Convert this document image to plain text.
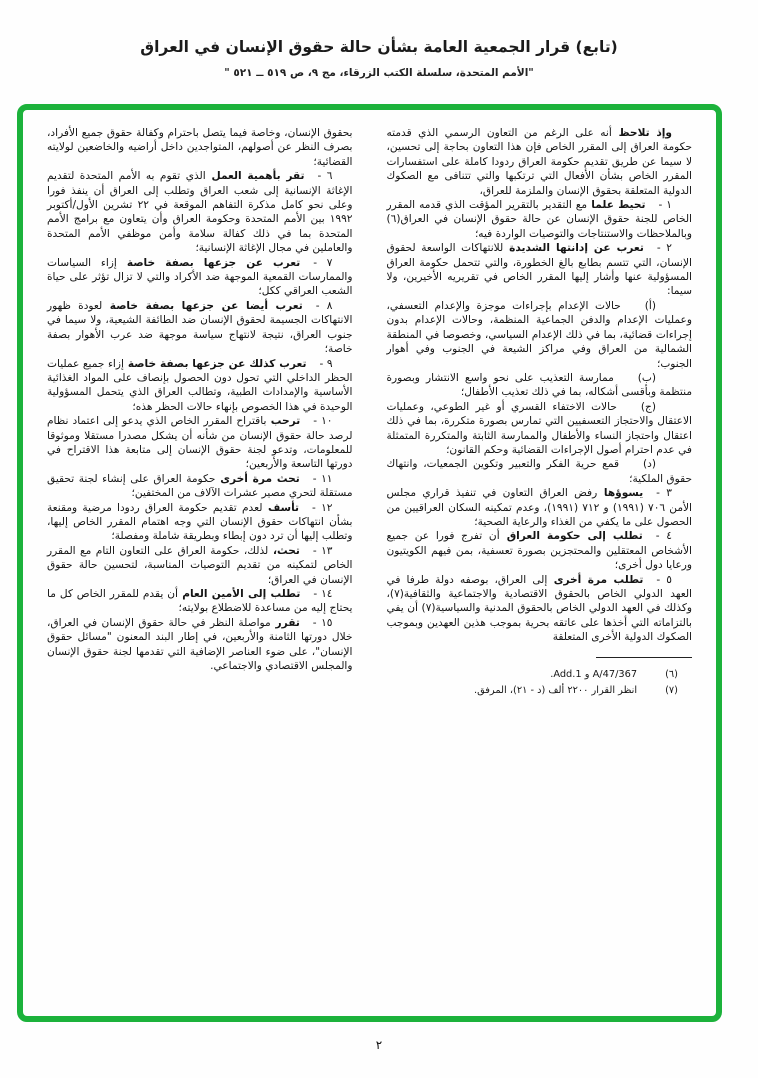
(تابع) قرار الجمعية العامة بشأن حالة حقوق الإنسان في العراق
"الأمم المتحدة، سلسلة الكتب الزرقاء، مج ٩، ص ٥١٩ ــ ٥٢١ "

وإذ تلاحظ أنه على الرغم من التعاون الرسمي الذي قدمته حكومة العراق إلى المقرر الخاص فإن هذا التعاون بحاجة إلى تحسين، لا سيما عن طريق تقديم حكومة العراق ردودا كاملة على استفسارات المقرر الخاص بشأن الأفعال التي ترتكبها والتي تتنافى مع الصكوك الدولية المتعلقة بحقوق الإنسان والملزمة للعراق،

١ -تحيط علما مع التقدير بالتقرير المؤقت الذي قدمه المقرر الخاص للجنة حقوق الإنسان عن حالة حقوق الإنسان في العراق(٦) وبالملاحظات والاستنتاجات والتوصيات الواردة فيه؛

٢ -تعرب عن إدانتها الشديدة للانتهاكات الواسعة لحقوق الإنسان، التي تتسم بطابع بالغ الخطورة، والتي تتحمل حكومة العراق المسؤولية عنها وأشار إليها المقرر الخاص في تقريريه الأخيرين، ولا سيما:

(أ)حالات الإعدام بإجراءات موجزة والإعدام التعسفي، وعمليات الإعدام والدفن الجماعية المنظمة، وحالات الإعدام بدون إجراءات قضائية، بما في ذلك الإعدام السياسي، وخصوصا في المنطقة الشمالية من العراق وفي مراكز الشيعة في الجنوب وفي أهوار الجنوب؛

(ب)ممارسة التعذيب على نحو واسع الانتشار وبصورة منتظمة وبأقسى أشكاله، بما في ذلك تعذيب الأطفال؛

(ج)حالات الاختفاء القسري أو غير الطوعي، وعمليات الاعتقال والاحتجاز التعسفيين التي تمارس بصورة متكررة، بما في ذلك اعتقال واحتجاز النساء والأطفال والممارسة الثابتة والمتكررة المتمثلة في عدم احترام أصول الإجراءات القضائية وحكم القانون؛

(د)قمع حرية الفكر والتعبير وتكوين الجمعيات، وانتهاك حقوق الملكية؛

٣ -يسوؤها رفض العراق التعاون في تنفيذ قراري مجلس الأمن ٧٠٦ (١٩٩١) و ٧١٢ (١٩٩١)، وعدم تمكينه السكان العراقيين من الحصول على ما يكفي من الغذاء والرعاية الصحية؛

٤ -تطلب إلى حكومة العراق أن تفرج فورا عن جميع الأشخاص المعتقلين والمحتجزين بصورة تعسفية، بمن فيهم الكويتيون ورعايا دول أخرى؛

٥ -تطلب مرة أخرى إلى العراق، بوصفه دولة طرفا في العهد الدولي الخاص بالحقوق الاقتصادية والاجتماعية والثقافية(٧)، وكذلك في العهد الدولي الخاص بالحقوق المدنية والسياسية(٧) أن يفي بالتزاماته التي أخذها على عاتقه بحرية بموجب هذين العهدين وبموجب الصكوك الدولية الأخرى المتعلقة

(٦)A/47/367 و Add.1.
(٧)انظر القرار ٢٢٠٠ ألف (د - ٢١)، المرفق.

بحقوق الإنسان، وخاصة فيما يتصل باحترام وكفالة حقوق جميع الأفراد، بصرف النظر عن أصولهم، المتواجدين داخل أراضيه والخاضعين لولايته القضائية؛

٦ -تقر بأهمية العمل الذي تقوم به الأمم المتحدة لتقديم الإغاثة الإنسانية إلى شعب العراق وتطلب إلى العراق أن ينفذ فورا وعلى نحو كامل مذكرة التفاهم الموقعة في ٢٢ تشرين الأول/أكتوبر ١٩٩٢ بين الأمم المتحدة وحكومة العراق وأن يتعاون مع برامج الأمم المتحدة بما في ذلك كفالة سلامة وأمن موظفي الأمم المتحدة والعاملين في مجال الإغاثة الإنسانية؛

٧ -تعرب عن جزعها بصفة خاصة إزاء السياسات والممارسات القمعية الموجهة ضد الأكراد والتي لا تزال تؤثر على حياة الشعب العراقي ككل؛

٨ -تعرب أيضا عن جزعها بصفة خاصة لعودة ظهور الانتهاكات الجسيمة لحقوق الإنسان ضد الطائفة الشيعية، ولا سيما في جنوب العراق، نتيجة لانتهاج سياسة موجهة ضد عرب الأهوار بصفة خاصة؛

٩ -تعرب كذلك عن جزعها بصفة خاصة إزاء جميع عمليات الحظر الداخلي التي تحول دون الحصول بإنصاف على المواد الغذائية الأساسية والإمدادات الطبية، وتطالب العراق الذي يتحمل المسؤولية الوحيدة في هذا الخصوص بإنهاء حالات الحظر هذه؛

١٠ -ترحب باقتراح المقرر الخاص الذي يدعو إلى اعتماد نظام لرصد حالة حقوق الإنسان من شأنه أن يشكل مصدرا مستقلا وموثوقا للمعلومات، وتدعو لجنة حقوق الإنسان إلى متابعة هذا الاقتراح في دورتها التاسعة والأربعين؛

١١ -تحث مرة أخرى حكومة العراق على إنشاء لجنة تحقيق مستقلة لتحري مصير عشرات الآلاف من المختفين؛

١٢ -تأسف لعدم تقديم حكومة العراق ردودا مرضية ومقنعة بشأن انتهاكات حقوق الإنسان التي وجه اهتمام المقرر الخاص إليها، وتطلب إليها أن ترد دون إبطاء وبطريقة شاملة ومفصلة؛

١٣ -تحث، لذلك، حكومة العراق على التعاون التام مع المقرر الخاص لتمكينه من تقديم التوصيات المناسبة، لتحسين حالة حقوق الإنسان في العراق؛

١٤ -تطلب إلى الأمين العام أن يقدم للمقرر الخاص كل ما يحتاج إليه من مساعدة للاضطلاع بولايته؛

١٥ -تقرر مواصلة النظر في حالة حقوق الإنسان في العراق، خلال دورتها الثامنة والأربعين، في إطار البند المعنون "مسائل حقوق الإنسان"، على ضوء العناصر الإضافية التي تقدمها لجنة حقوق الإنسان والمجلس الاقتصادي والاجتماعي.

٢
